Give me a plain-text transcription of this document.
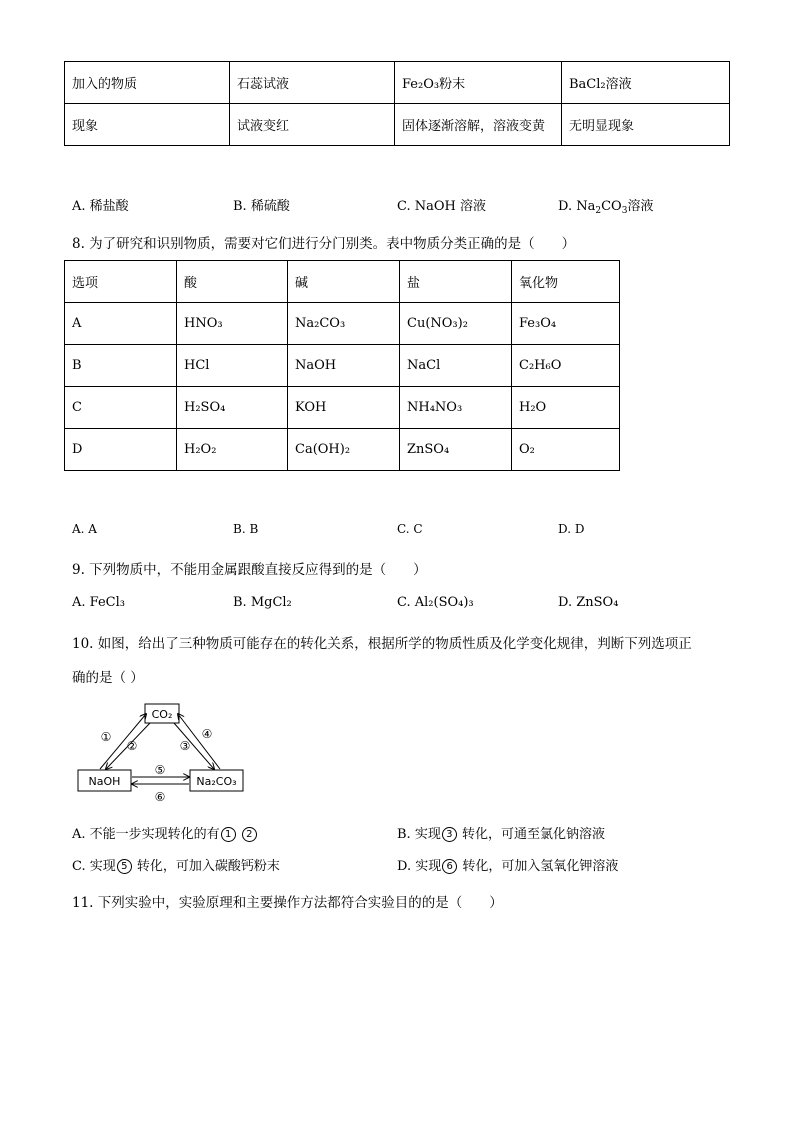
加入的物质	石蕊试液	Fe₂O₃粉末	BaCl₂溶液
现象	试液变红	固体逐渐溶解，溶液变黄	无明显现象
A. 稀盐酸	B. 稀硫酸	C. NaOH 溶液	D. $Na_2CO_3$溶液
8. 为了研究和识别物质，需要对它们进行分门别类。表中物质分类正确的是（　　）
选项	酸	碱	盐	氧化物
A	HNO₃	Na₂CO₃	Cu(NO₃)₂	Fe₃O₄
B	HCl	NaOH	NaCl	C₂H₆O
C	H₂SO₄	KOH	NH₄NO₃	H₂O
D	H₂O₂	Ca(OH)₂	ZnSO₄	O₂
A. A	B. B	C. C	D. D
9. 下列物质中，不能用金属跟酸直接反应得到的是（　　）
A. FeCl₃	B. MgCl₂	C. Al₂(SO₄)₃	D. ZnSO₄
10. 如图，给出了三种物质可能存在的转化关系，根据所学的物质性质及化学变化规律，判断下列选项正
确的是（ ）
CO₂
NaOH	Na₂CO₃
①
②	③
④
⑤
⑥
A. 不能一步实现转化的有 1 2	B. 实现 3 转化，可通至氯化钠溶液
C. 实现 5 转化，可加入碳酸钙粉末	D. 实现 6 转化，可加入氢氧化钾溶液
11. 下列实验中，实验原理和主要操作方法都符合实验目的的是（　　）
